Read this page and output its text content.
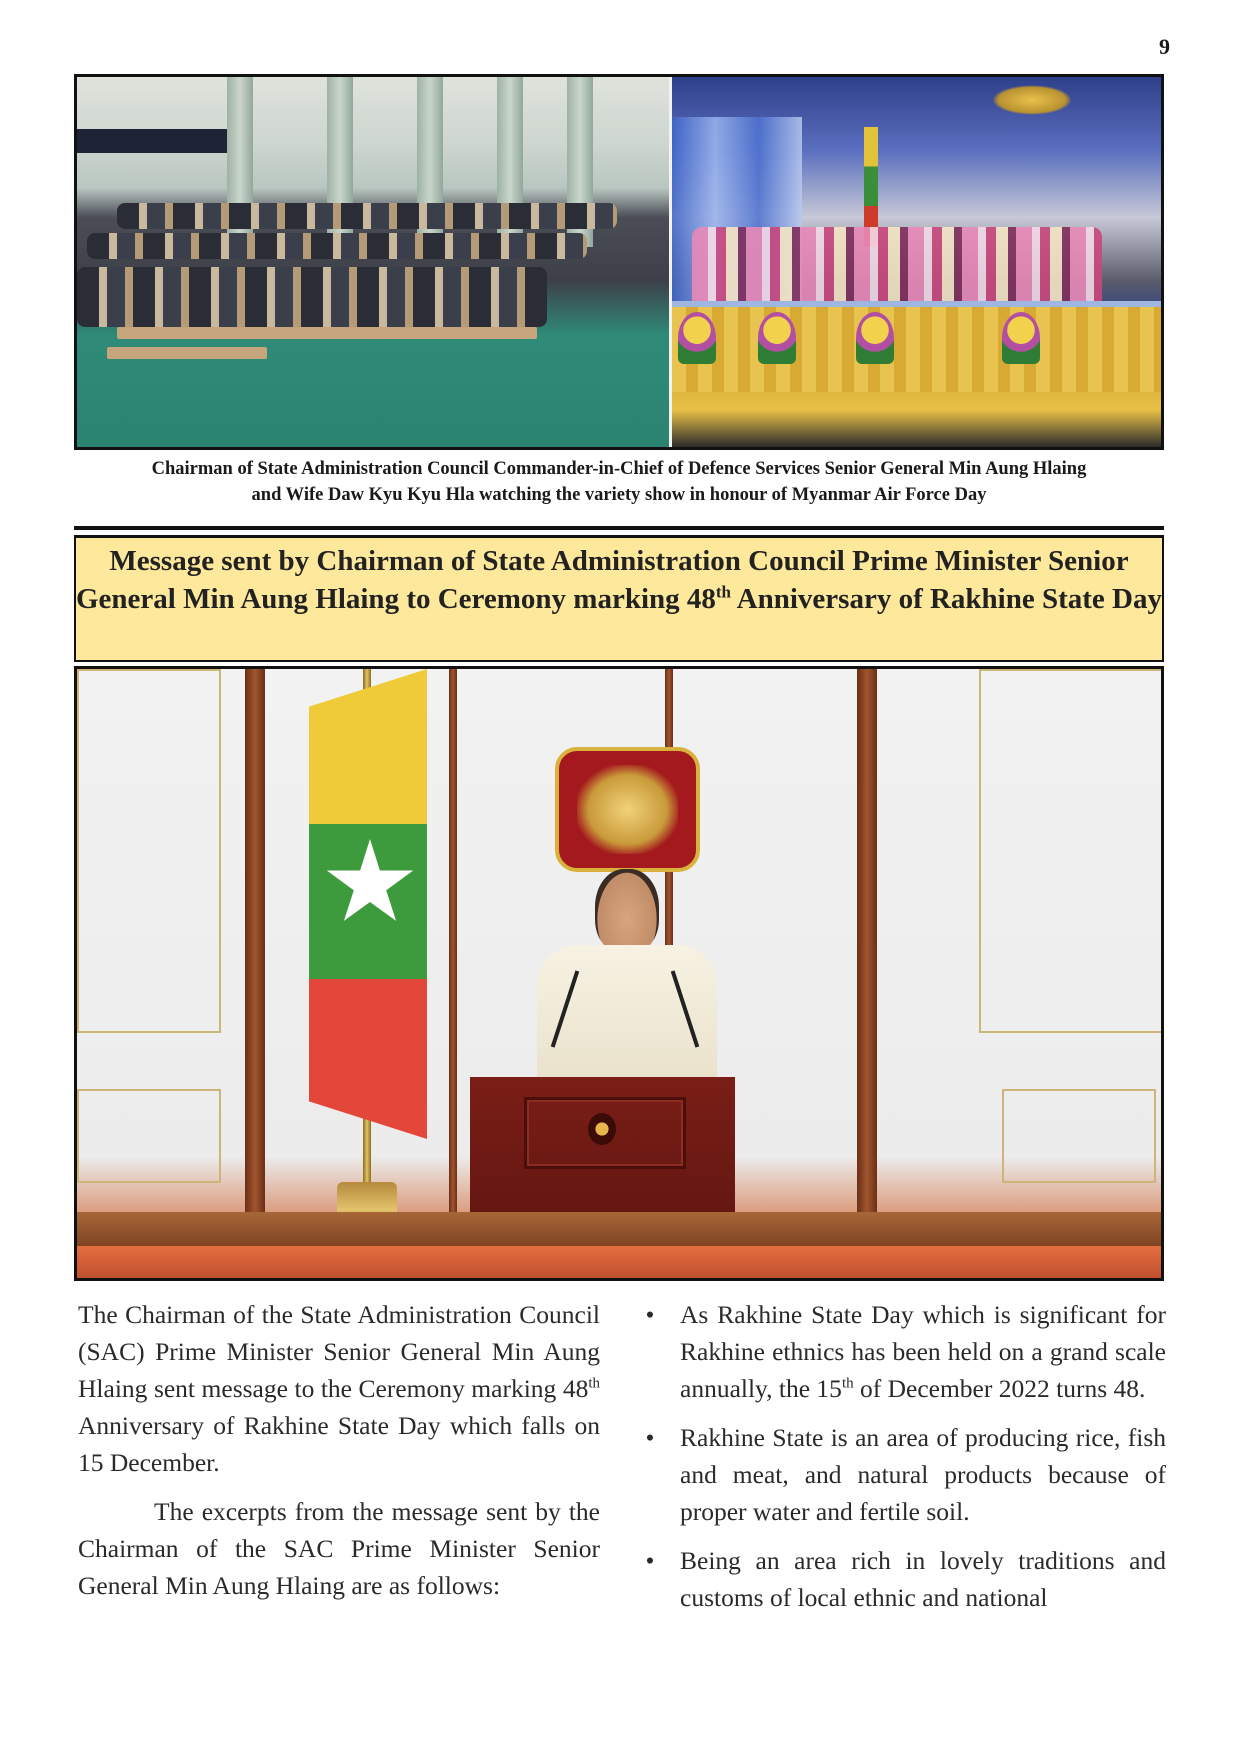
9
Chairman of State Administration Council Commander-in-Chief of Defence Services Senior General Min Aung Hlaing
and Wife Daw Kyu Kyu Hla watching the variety show in honour of Myanmar Air Force Day
Message sent by Chairman of State Administration Council Prime Minister Senior General Min Aung Hlaing to Ceremony marking 48th Anniversary of Rakhine State Day

The Chairman of the State Administration Council (SAC) Prime Minister Senior General Min Aung Hlaing sent message to the Ceremony marking 48th Anniversary of Rakhine State Day which falls on 15 December.

The excerpts from the message sent by the Chairman of the SAC Prime Minister Senior General Min Aung Hlaing are as follows:

• As Rakhine State Day which is significant for Rakhine ethnics has been held on a grand scale annually, the 15th of December 2022 turns 48.
• Rakhine State is an area of producing rice, fish and meat, and natural products because of proper water and fertile soil.
• Being an area rich in lovely traditions and customs of local ethnic and national
